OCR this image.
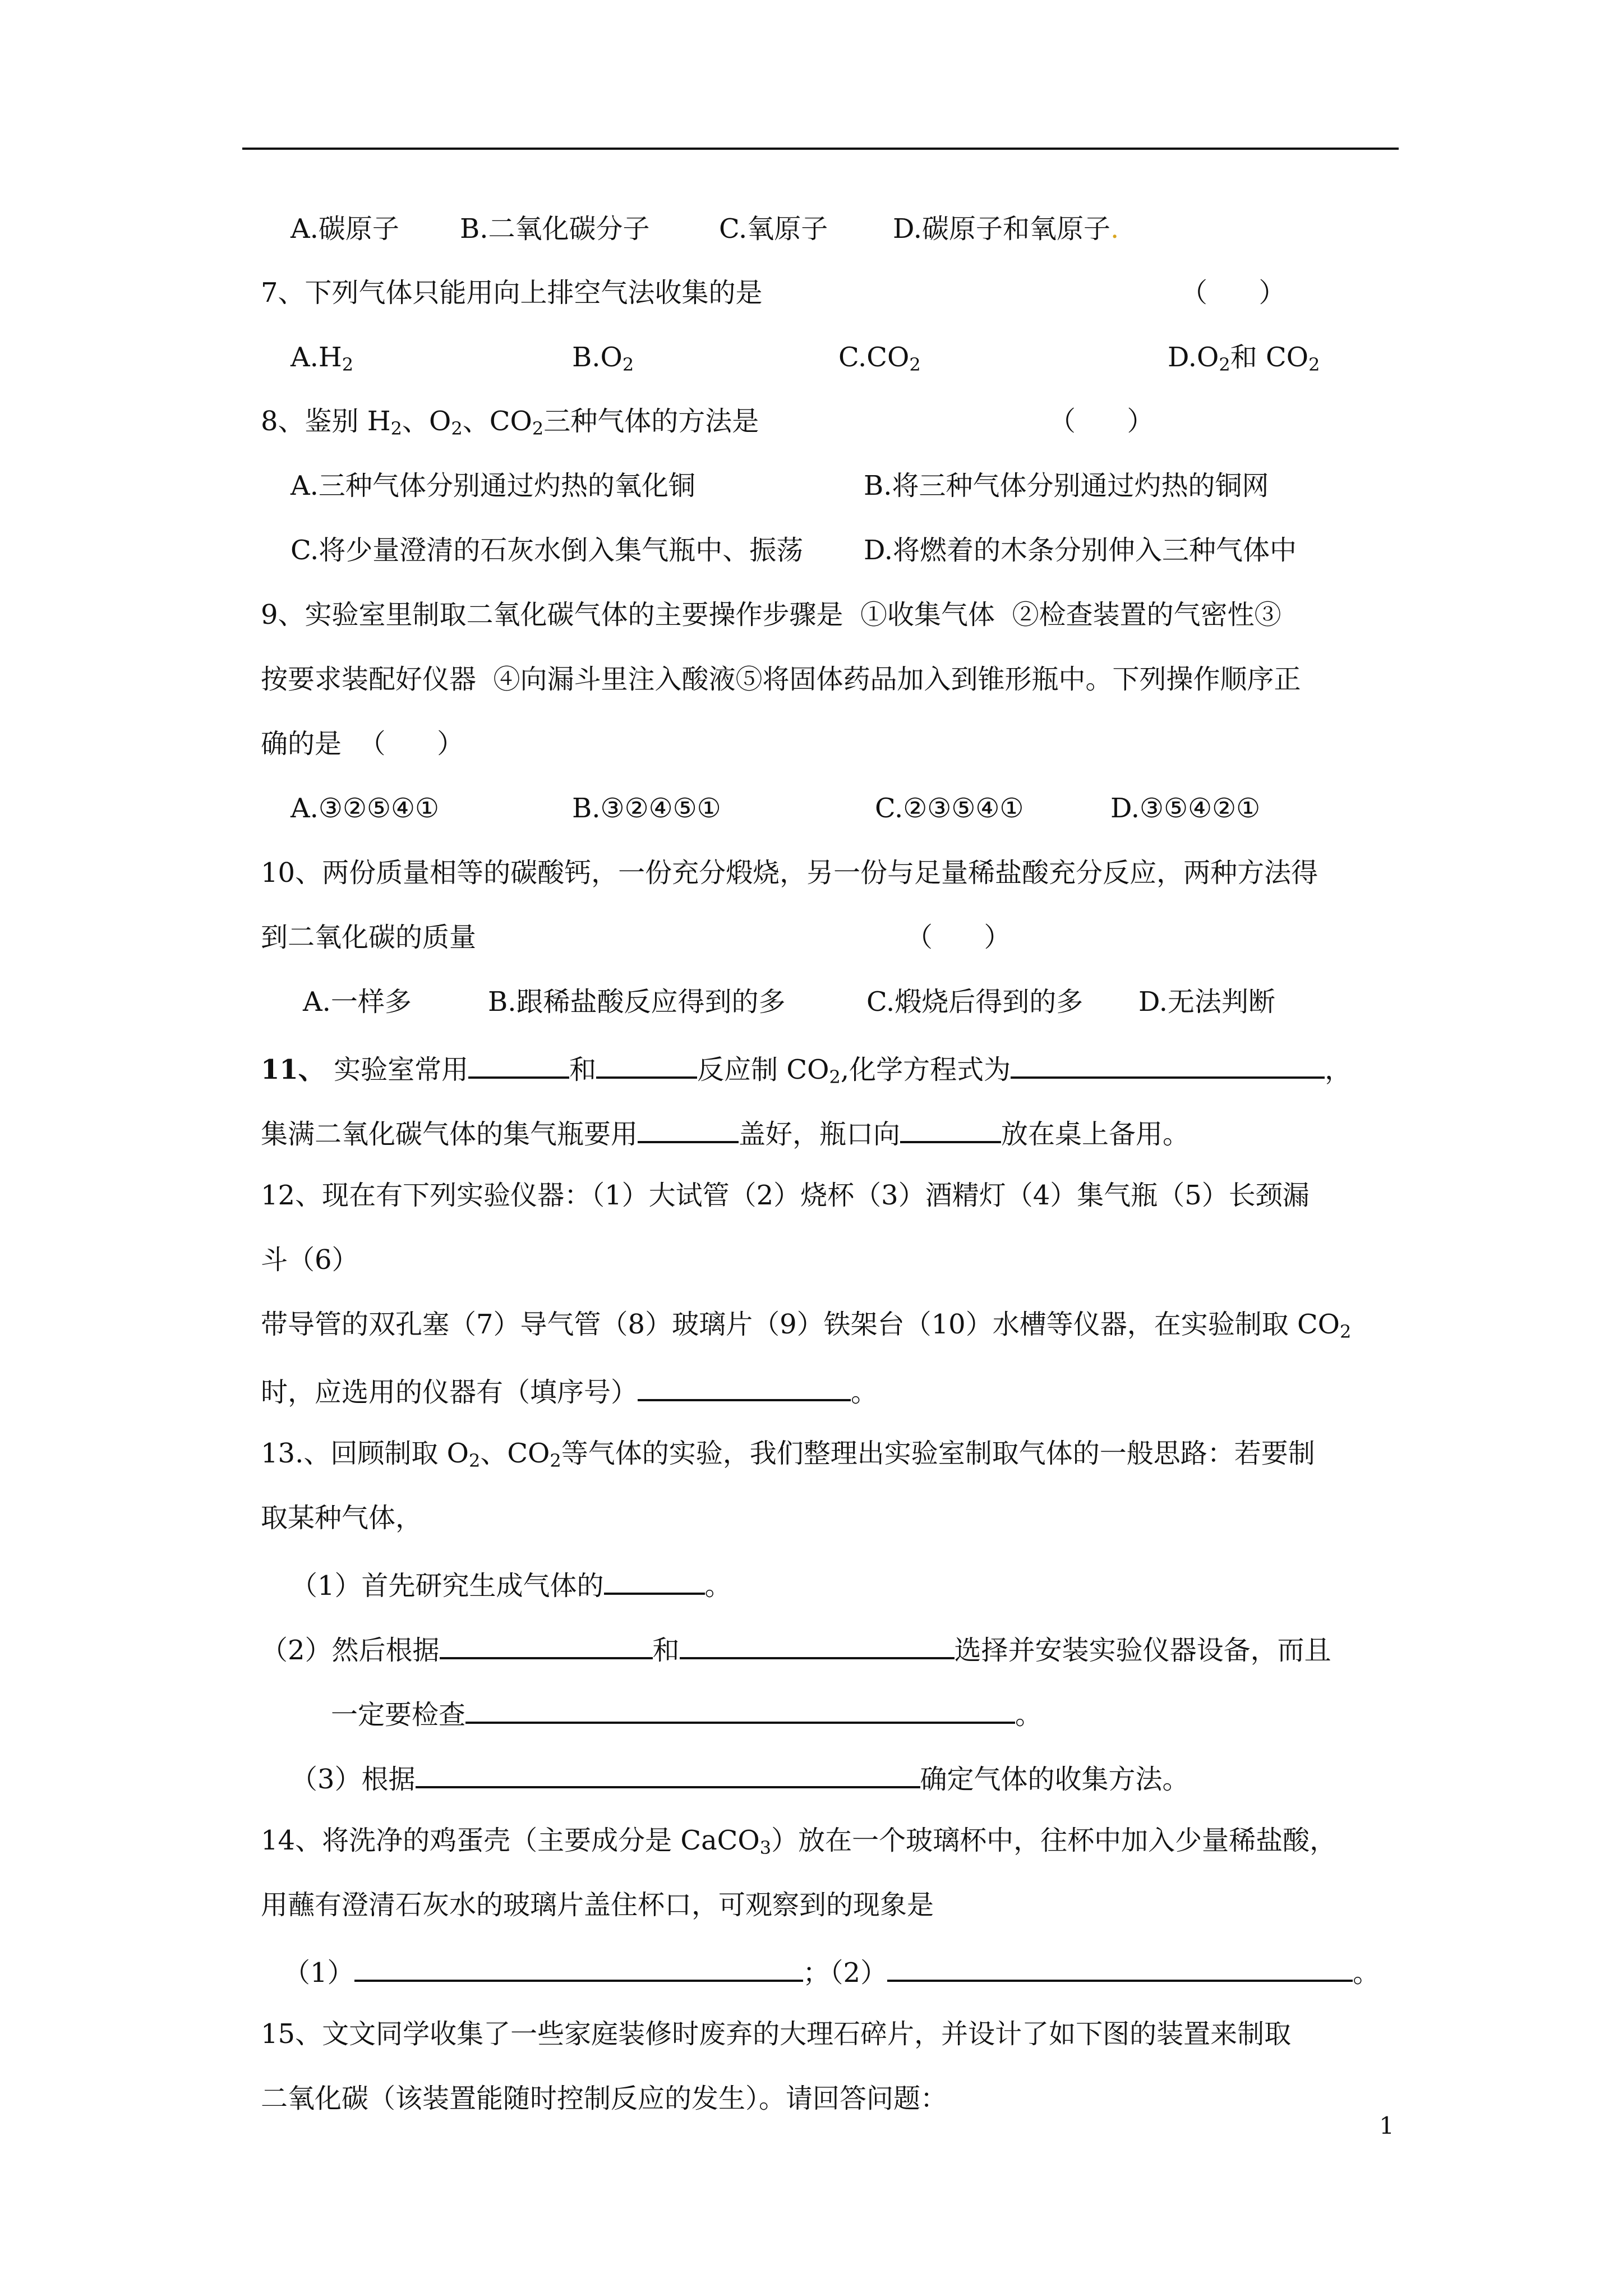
A.碳原子 B.二氧化碳分子	C.氧原子 D.碳原子和氧原子.
7、下列气体只能用向上排空气法收集的是	（      ）
$A.H_2$	$B.O_2$	$C.CO_2$	$D.O_2$和 $CO_2$
8、鉴别 $H_2$、$O_2$、$CO_2$三种气体的方法是	（      ）
A.三种气体分别通过灼热的氧化铜	B.将三种气体分别通过灼热的铜网
C.将少量澄清的石灰水倒入集气瓶中、振荡 D.将燃着的木条分别伸入三种气体中
9、实验室里制取二氧化碳气体的主要操作步骤是  ①收集气体  ②检查装置的气密性③
按要求装配好仪器  ④向漏斗里注入酸液⑤将固体药品加入到锥形瓶中。下列操作顺序正
确的是  （      ）
A.③②⑤④①	B.③②④⑤①	C.②③⑤④①	D.③⑤④②①
10、两份质量相等的碳酸钙，一份充分煅烧，另一份与足量稀盐酸充分反应，两种方法得
到二氧化碳的质量	（      ）
A.一样多	B.跟稀盐酸反应得到的多	C.煅烧后得到的多 D.无法判断
11、 实验室常用	和	反应制 $CO_2$,化学方程式为	，
集满二氧化碳气体的集气瓶要用	盖好，瓶口向	放在桌上备用。
12、现在有下列实验仪器：（1）大试管（2）烧杯（3）酒精灯（4）集气瓶（5）长颈漏
斗（6）
带导管的双孔塞（7）导气管（8）玻璃片（9）铁架台（10）水槽等仪器，在实验制取 $CO_2$
时，应选用的仪器有（填序号）	。
13.、回顾制取 $O_2$、$CO_2$等气体的实验，我们整理出实验室制取气体的一般思路：若要制
取某种气体，
（1）首先研究生成气体的	。
（2）然后根据	和	选择并安装实验仪器设备，而且
一定要检查	。
（3）根据	确定气体的收集方法。
14、将洗净的鸡蛋壳（主要成分是 CaCO$_3$）放在一个玻璃杯中，往杯中加入少量稀盐酸，
用蘸有澄清石灰水的玻璃片盖住杯口，可观察到的现象是
（1）	；（2）	。
15、文文同学收集了一些家庭装修时废弃的大理石碎片，并设计了如下图的装置来制取
二氧化碳（该装置能随时控制反应的发生）。请回答问题：
1
